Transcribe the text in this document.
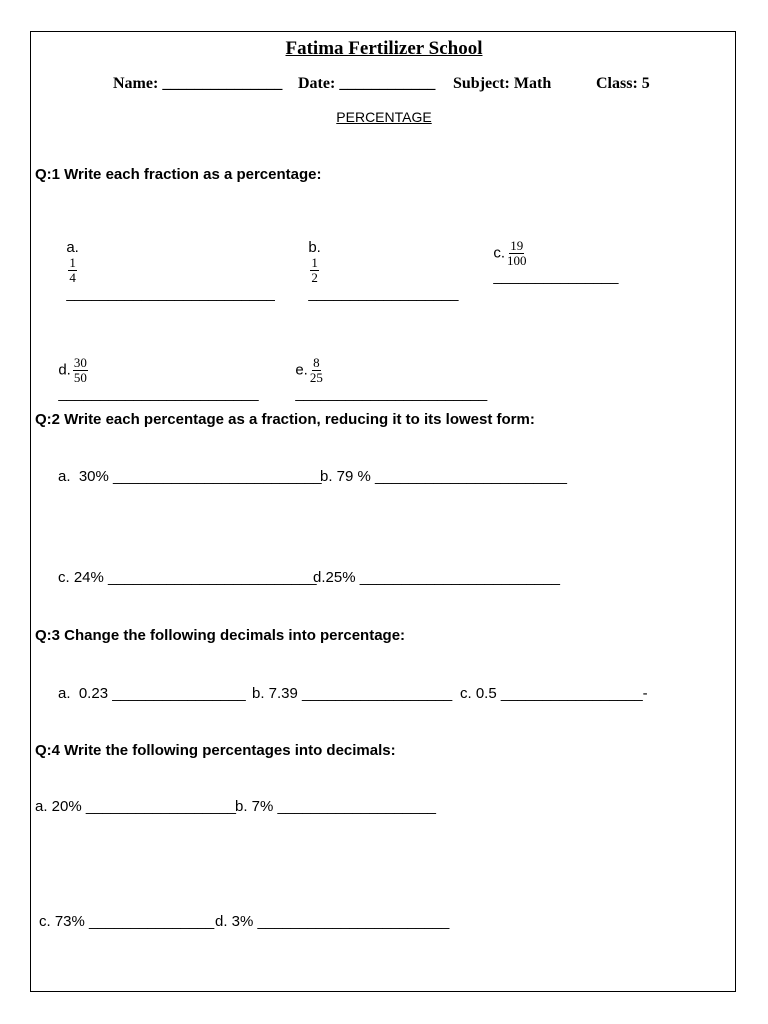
Fatima Fertilizer School
Name: _______________ Date: ____________ Subject: Math	Class: 5
PERCENTAGE
Q:1 Write each fraction as a percentage:

a.

$\frac{1}{4}$

_________________________

b.

$\frac{1}{2}$

__________________

c. $\frac{19}{100}$

_______________

d. $\frac{30}{50}$

________________________

e. $\frac{8}{25}$

_______________________

Q:2 Write each percentage as a fraction, reducing it to its lowest form:
a.  30% _________________________
b. 79 % _______________________
c. 24% _________________________
d.25% ________________________
Q:3 Change the following decimals into percentage:
a.  0.23 ________________ b. 7.39 __________________ c. 0.5 _________________-
Q:4 Write the following percentages into decimals:
a. 20% __________________
b. 7% ___________________
c. 73% _______________ d. 3% _______________________
